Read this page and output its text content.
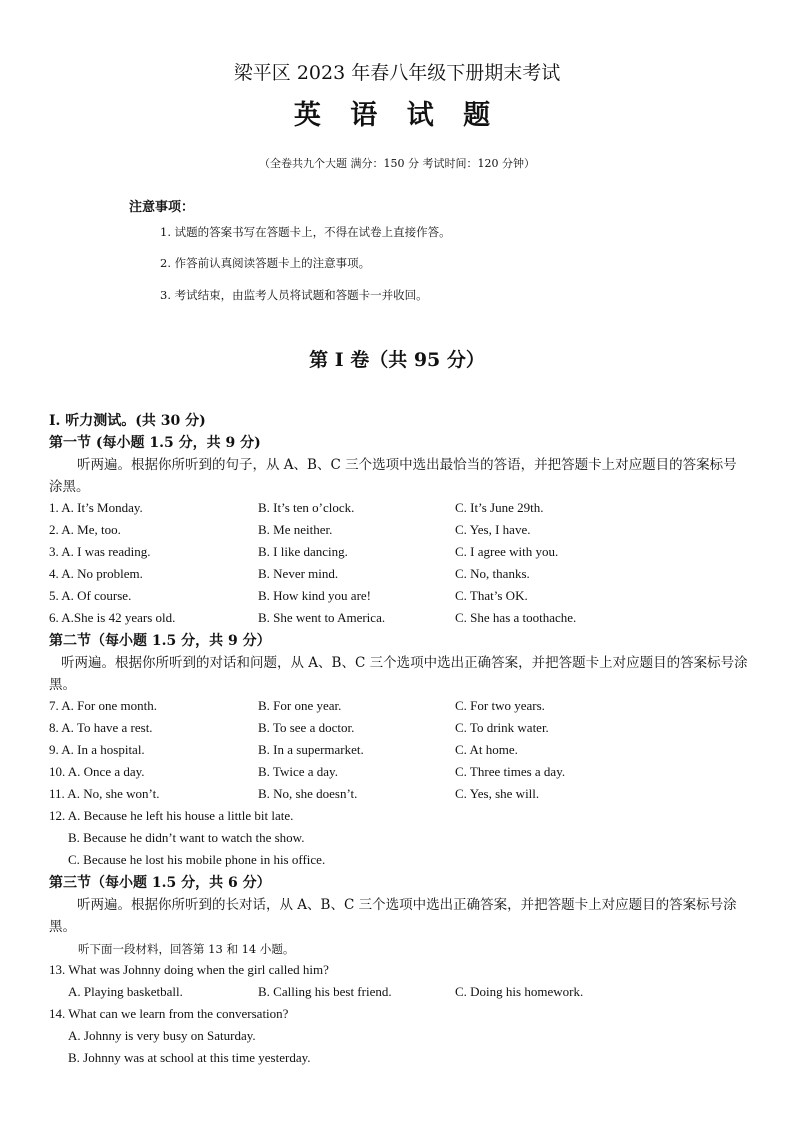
梁平区 2023 年春八年级下册期末考试
英 语 试 题
（全卷共九个大题 满分：150 分 考试时间：120 分钟）
注意事项：
1. 试题的答案书写在答题卡上，不得在试卷上直接作答。
2. 作答前认真阅读答题卡上的注意事项。
3. 考试结束，由监考人员将试题和答题卡一并收回。
第 I 卷（共 95 分）
Ⅰ. 听力测试。(共 30 分)
第一节 (每小题 1.5 分，共 9 分)
听两遍。根据你所听到的句子，从 A、B、C 三个选项中选出最恰当的答语，并把答题卡上对应题目的答案标号涂黑。
1. A. It’s Monday.	B. It’s ten o’clock.	C. It’s June 29th.
2. A. Me, too.	B. Me neither.	C. Yes, I have.
3. A. I was reading.	B. I like dancing.	C. I agree with you.
4. A. No problem.	B. Never mind.	C. No, thanks.
5. A. Of course.	B. How kind you are!	C. That’s OK.
6. A.She is 42 years old.	B. She went to America.	C. She has a toothache.
第二节（每小题 1.5 分，共 9 分）
听两遍。根据你所听到的对话和问题，从 A、B、C 三个选项中选出正确答案，并把答题卡上对应题目的答案标号涂黑。
7. A. For one month.	B. For one year.	C. For two years.
8. A. To have a rest.	B. To see a doctor.	C. To drink water.
9. A. In a hospital.	B. In a supermarket.	C. At home.
10. A. Once a day.	B. Twice a day.	C. Three times a day.
11. A. No, she won’t.	B. No, she doesn’t.	C. Yes, she will.
12. A. Because he left his house a little bit late.
B. Because he didn’t want to watch the show.
C. Because he lost his mobile phone in his office.
第三节（每小题 1.5 分，共 6 分）
听两遍。根据你所听到的长对话，从 A、B、C 三个选项中选出正确答案，并把答题卡上对应题目的答案标号涂黑。
听下面一段材料，回答第 13 和 14 小题。
13. What was Johnny doing when the girl called him?
A. Playing basketball.	B. Calling his best friend.	C. Doing his homework.
14. What can we learn from the conversation?
A. Johnny is very busy on Saturday.
B. Johnny was at school at this time yesterday.
